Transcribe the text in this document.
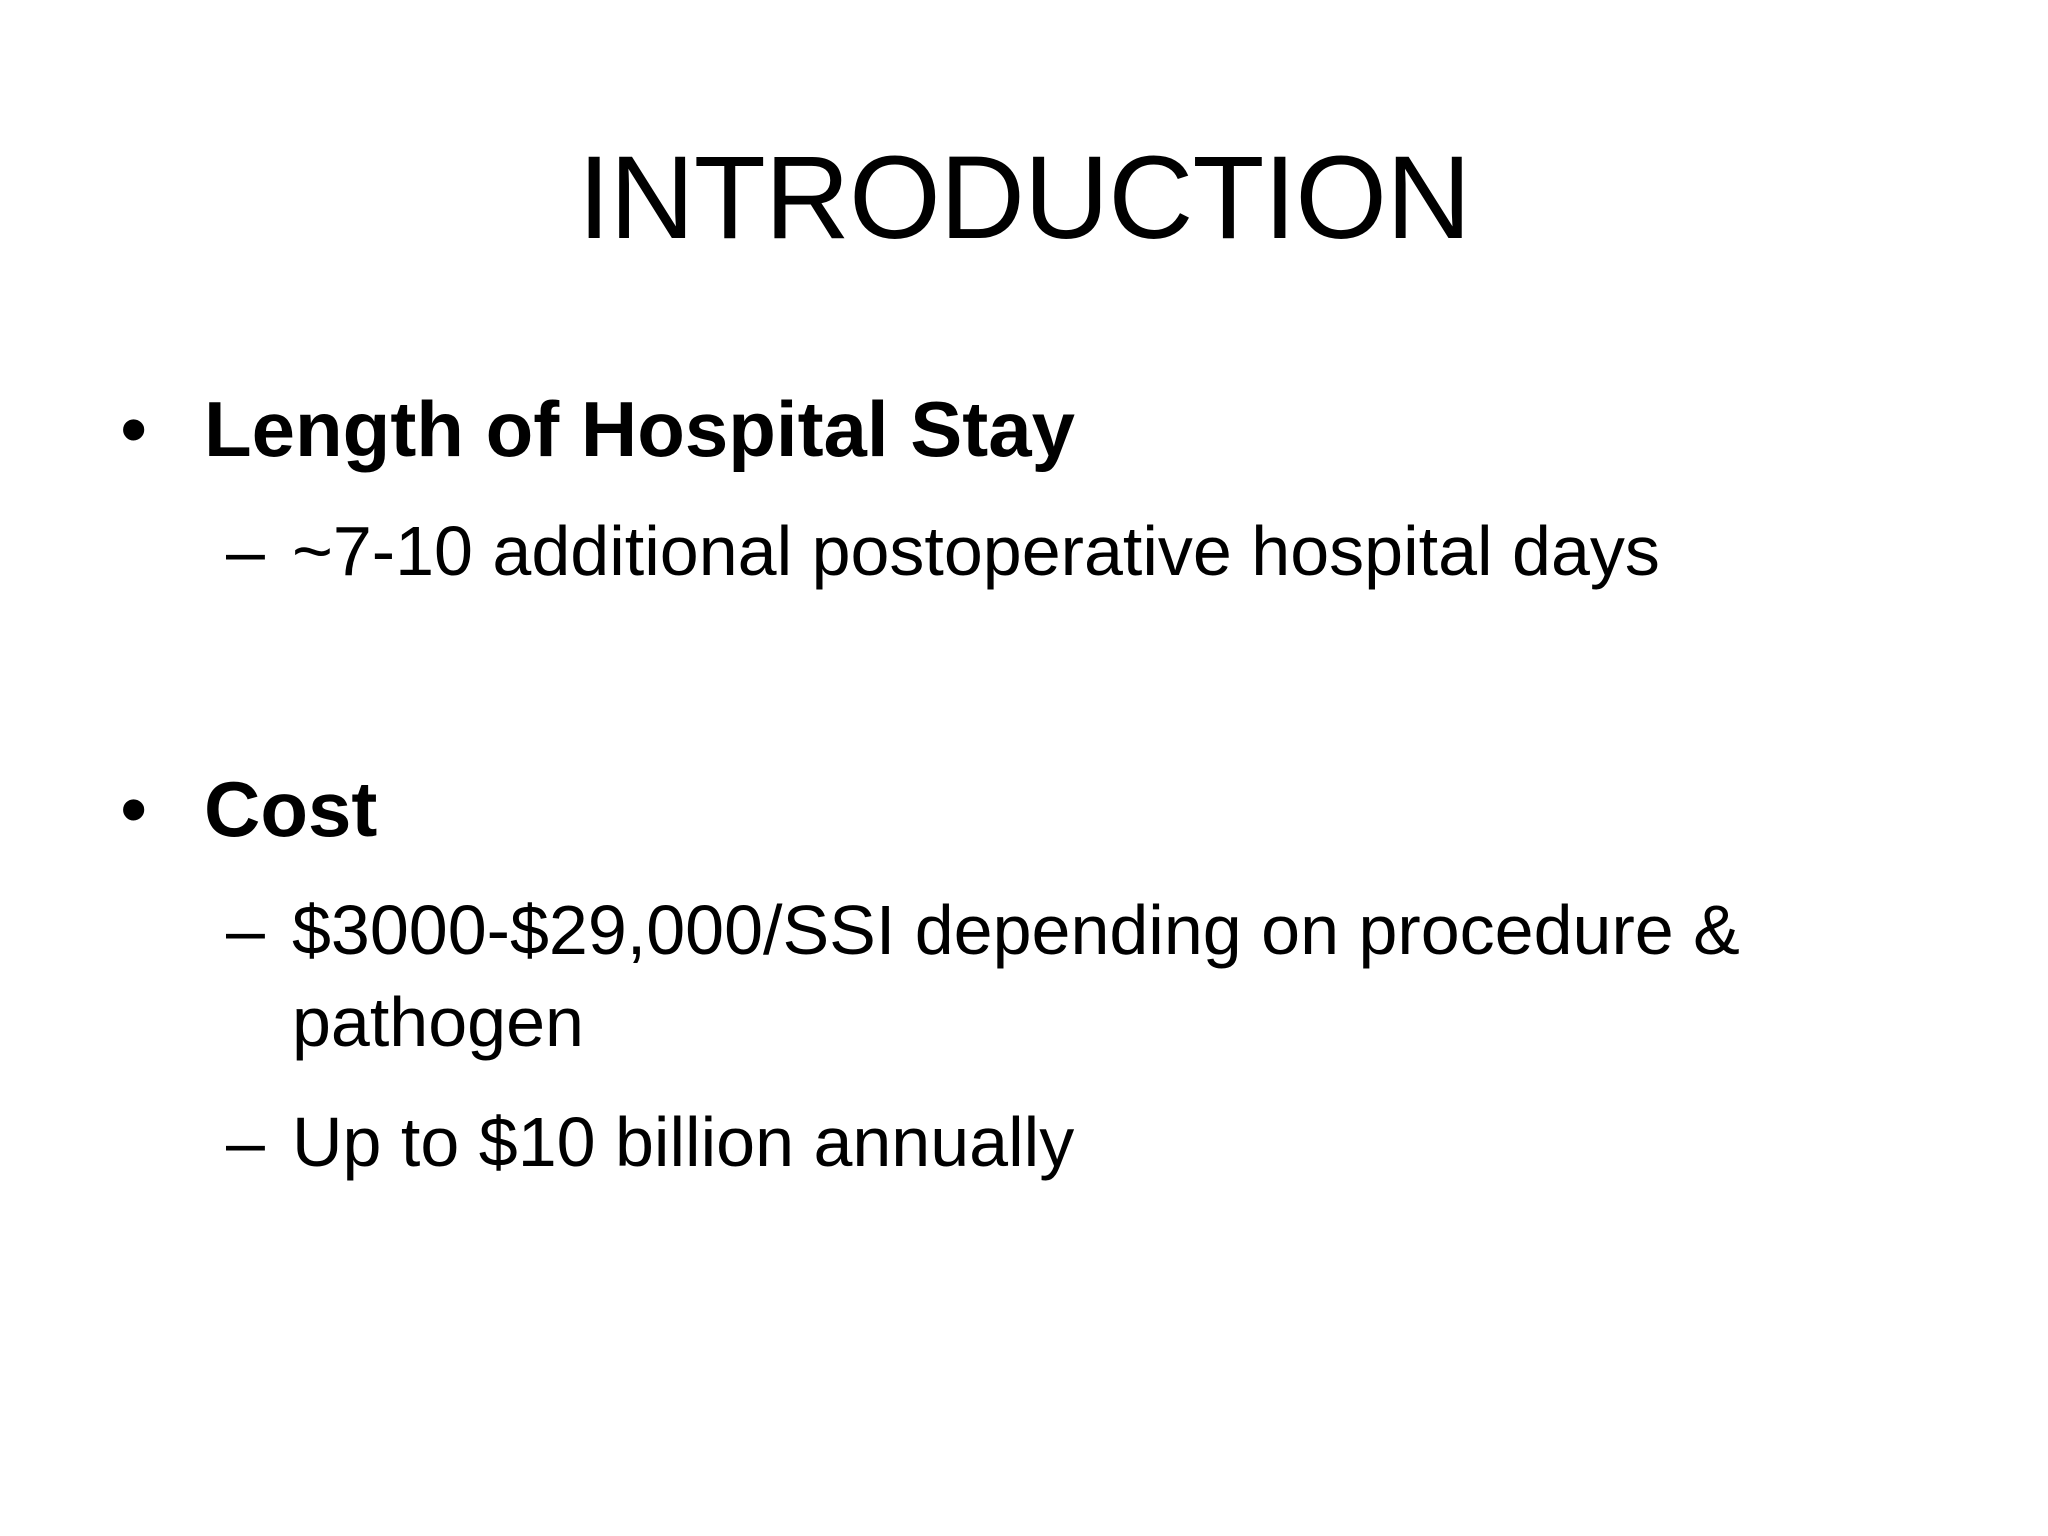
INTRODUCTION
• Length of Hospital Stay
– ~7-10 additional postoperative hospital days
• Cost
– $3000-$29,000/SSI depending on procedure & pathogen
– Up to $10 billion annually
